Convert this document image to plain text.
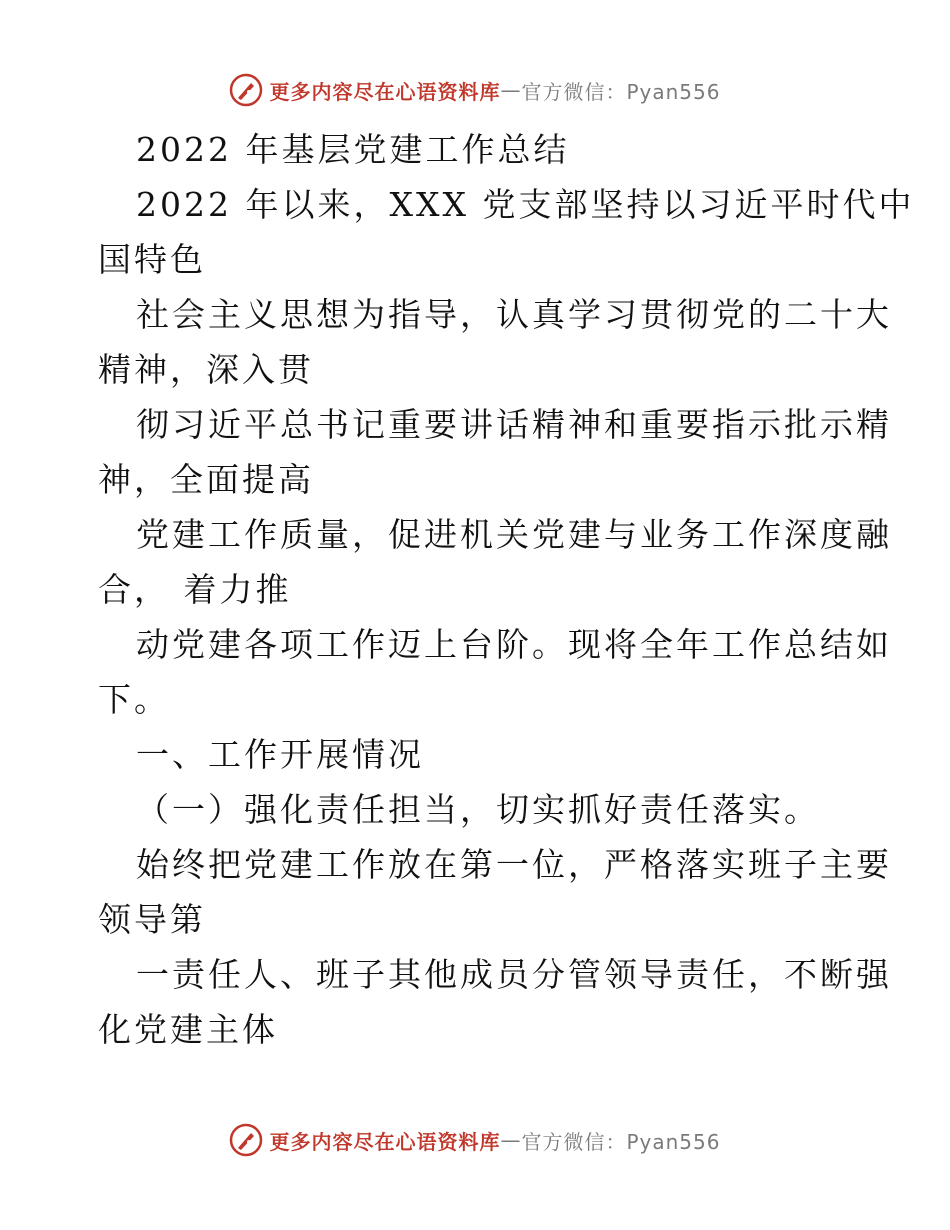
更多内容尽在心语资料库 — 官方微信：Pyan556
2022 年基层党建工作总结
2022 年以来，XXX 党支部坚持以习近平时代中
国特色
社会主义思想为指导，认真学习贯彻党的二十大
精神，深入贯
彻习近平总书记重要讲话精神和重要指示批示精
神，全面提高
党建工作质量，促进机关党建与业务工作深度融
合， 着力推
动党建各项工作迈上台阶。现将全年工作总结如
下。
一、工作开展情况
（一）强化责任担当，切实抓好责任落实。
始终把党建工作放在第一位，严格落实班子主要
领导第
一责任人、班子其他成员分管领导责任，不断强
化党建主体
更多内容尽在心语资料库 — 官方微信：Pyan556
